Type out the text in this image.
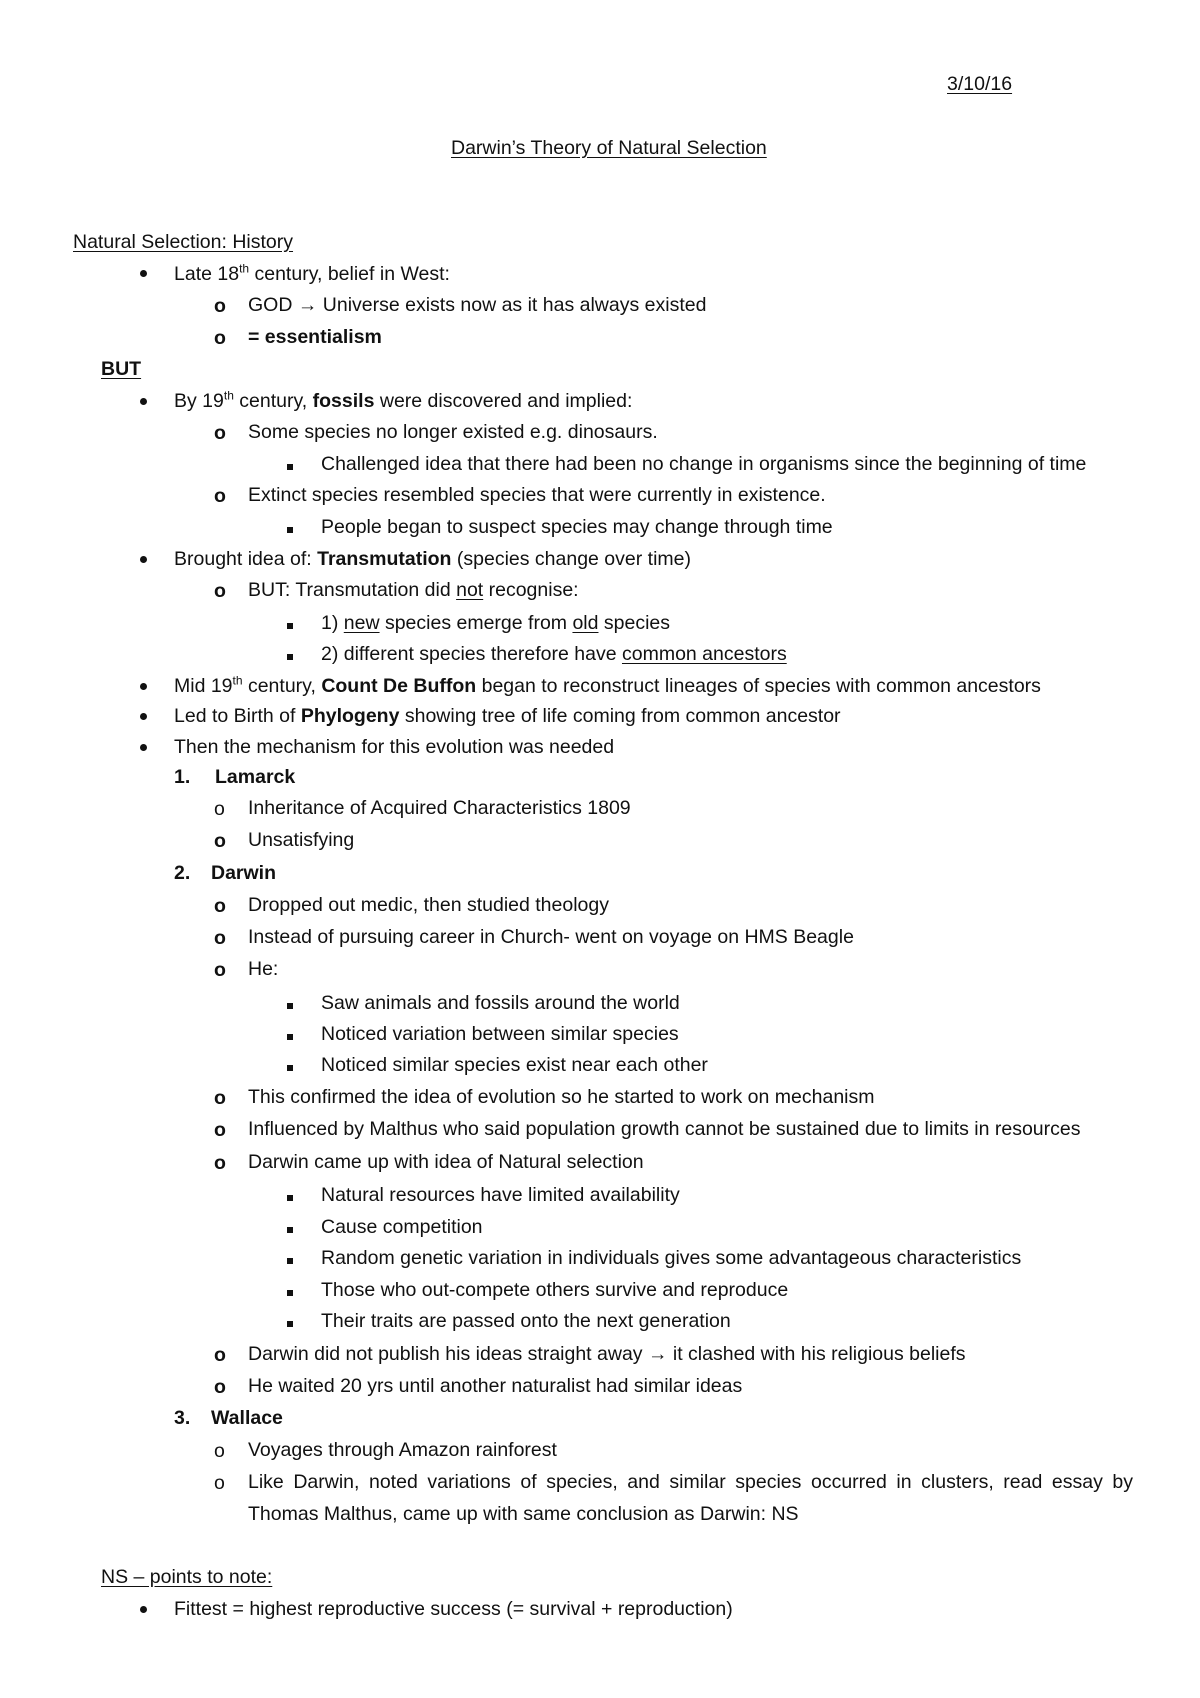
3/10/16
Darwin’s Theory of Natural Selection
Natural Selection: History
Late 18th century, belief in West:
o GOD → Universe exists now as it has always existed
o = essentialism
BUT
By 19th century, fossils were discovered and implied:
o Some species no longer existed e.g. dinosaurs.
Challenged idea that there had been no change in organisms since the beginning of time
o Extinct species resembled species that were currently in existence.
People began to suspect species may change through time
Brought idea of: Transmutation (species change over time)
o BUT: Transmutation did not recognise:
1) new species emerge from old species
2) different species therefore have common ancestors
Mid 19th century, Count De Buffon began to reconstruct lineages of species with common ancestors
Led to Birth of Phylogeny showing tree of life coming from common ancestor
Then the mechanism for this evolution was needed
1. Lamarck
o Inheritance of Acquired Characteristics 1809
o Unsatisfying
2. Darwin
o Dropped out medic, then studied theology
o Instead of pursuing career in Church- went on voyage on HMS Beagle
o He:
Saw animals and fossils around the world
Noticed variation between similar species
Noticed similar species exist near each other
o This confirmed the idea of evolution so he started to work on mechanism
o Influenced by Malthus who said population growth cannot be sustained due to limits in resources
o Darwin came up with idea of Natural selection
Natural resources have limited availability
Cause competition
Random genetic variation in individuals gives some advantageous characteristics
Those who out-compete others survive and reproduce
Their traits are passed onto the next generation
o Darwin did not publish his ideas straight away → it clashed with his religious beliefs
o He waited 20 yrs until another naturalist had similar ideas
3. Wallace
o Voyages through Amazon rainforest
o Like Darwin, noted variations of species, and similar species occurred in clusters, read essay by
Thomas Malthus, came up with same conclusion as Darwin: NS
NS – points to note:
Fittest = highest reproductive success (= survival + reproduction)
